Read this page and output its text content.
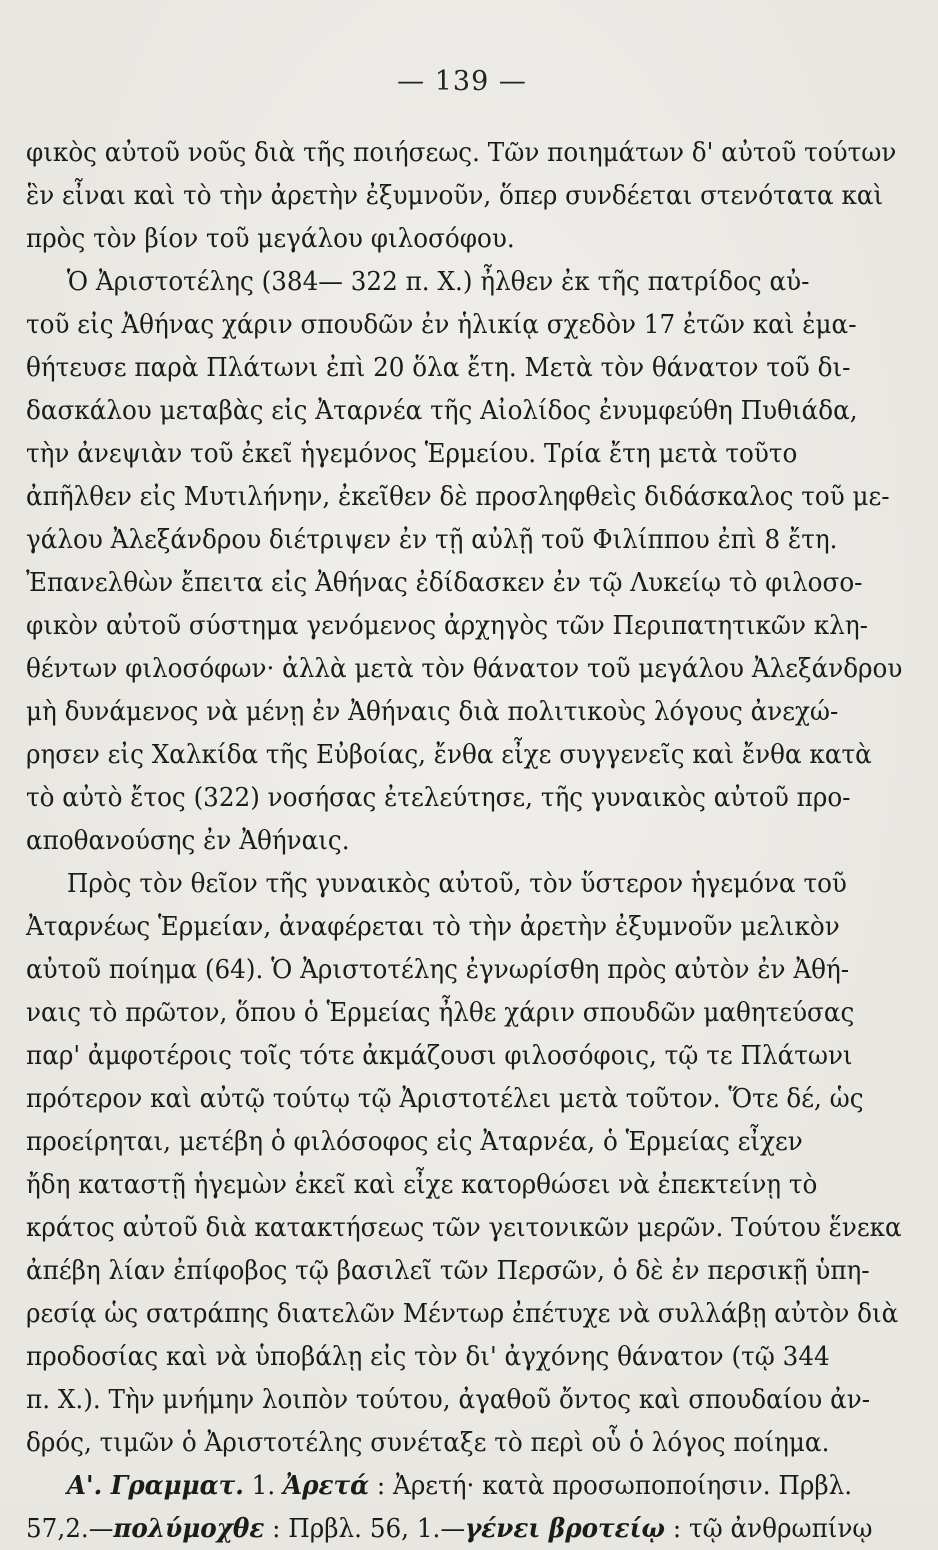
— 139 —
φικὸς αὐτοῦ νοῦς διὰ τῆς ποιήσεως. Τῶν ποιημάτων δ' αὐτοῦ τούτων
ἓν εἶναι καὶ τὸ τὴν ἀρετὴν ἐξυμνοῦν, ὅπερ συνδέεται στενότατα καὶ
πρὸς τὸν βίον τοῦ μεγάλου φιλοσόφου.
Ὁ Ἀριστοτέλης (384— 322 π. Χ.) ἦλθεν ἐκ τῆς πατρίδος αὐ-
τοῦ εἰς Ἀθήνας χάριν σπουδῶν ἐν ἡλικίᾳ σχεδὸν 17 ἐτῶν καὶ ἐμα-
θήτευσε παρὰ Πλάτωνι ἐπὶ 20 ὅλα ἔτη. Μετὰ τὸν θάνατον τοῦ δι-
δασκάλου μεταβὰς εἰς Ἀταρνέα τῆς Αἰολίδος ἐνυμφεύθη Πυθιάδα,
τὴν ἀνεψιὰν τοῦ ἐκεῖ ἡγεμόνος Ἑρμείου. Τρία ἔτη μετὰ τοῦτο
ἀπῆλθεν εἰς Μυτιλήνην, ἐκεῖθεν δὲ προσληφθεὶς διδάσκαλος τοῦ με-
γάλου Ἀλεξάνδρου διέτριψεν ἐν τῇ αὐλῇ τοῦ Φιλίππου ἐπὶ 8 ἔτη.
Ἐπανελθὼν ἔπειτα εἰς Ἀθήνας ἐδίδασκεν ἐν τῷ Λυκείῳ τὸ φιλοσο-
φικὸν αὐτοῦ σύστημα γενόμενος ἀρχηγὸς τῶν Περιπατητικῶν κλη-
θέντων φιλοσόφων· ἀλλὰ μετὰ τὸν θάνατον τοῦ μεγάλου Ἀλεξάνδρου
μὴ δυνάμενος νὰ μένῃ ἐν Ἀθήναις διὰ πολιτικοὺς λόγους ἀνεχώ-
ρησεν εἰς Χαλκίδα τῆς Εὐβοίας, ἔνθα εἶχε συγγενεῖς καὶ ἔνθα κατὰ
τὸ αὐτὸ ἔτος (322) νοσήσας ἐτελεύτησε, τῆς γυναικὸς αὐτοῦ προ-
αποθανούσης ἐν Ἀθήναις.
Πρὸς τὸν θεῖον τῆς γυναικὸς αὐτοῦ, τὸν ὕστερον ἡγεμόνα τοῦ
Ἀταρνέως Ἑρμείαν, ἀναφέρεται τὸ τὴν ἀρετὴν ἐξυμνοῦν μελικὸν
αὐτοῦ ποίημα (64). Ὁ Ἀριστοτέλης ἐγνωρίσθη πρὸς αὐτὸν ἐν Ἀθή-
ναις τὸ πρῶτον, ὅπου ὁ Ἑρμείας ἦλθε χάριν σπουδῶν μαθητεύσας
παρ' ἀμφοτέροις τοῖς τότε ἀκμάζουσι φιλοσόφοις, τῷ τε Πλάτωνι
πρότερον καὶ αὐτῷ τούτῳ τῷ Ἀριστοτέλει μετὰ τοῦτον. Ὅτε δέ, ὡς
προείρηται, μετέβη ὁ φιλόσοφος εἰς Ἀταρνέα, ὁ Ἑρμείας εἶχεν
ἤδη καταστῇ ἡγεμὼν ἐκεῖ καὶ εἶχε κατορθώσει νὰ ἐπεκτείνῃ τὸ
κράτος αὐτοῦ διὰ κατακτήσεως τῶν γειτονικῶν μερῶν. Τούτου ἕνεκα
ἀπέβη λίαν ἐπίφοβος τῷ βασιλεῖ τῶν Περσῶν, ὁ δὲ ἐν περσικῇ ὑπη-
ρεσίᾳ ὡς σατράπης διατελῶν Μέντωρ ἐπέτυχε νὰ συλλάβῃ αὐτὸν διὰ
προδοσίας καὶ νὰ ὑποβάλῃ εἰς τὸν δι' ἀγχόνης θάνατον (τῷ 344
π. Χ.). Τὴν μνήμην λοιπὸν τούτου, ἀγαθοῦ ὄντος καὶ σπουδαίου ἀν-
δρός, τιμῶν ὁ Ἀριστοτέλης συνέταξε τὸ περὶ οὗ ὁ λόγος ποίημα.
Α'. Γραμματ. 1. Ἀρετά : Ἀρετή· κατὰ προσωποποίησιν. Πρβλ.
57,2.—πολύμοχθε : Πρβλ. 56, 1.—γένει βροτείῳ : τῷ ἀνθρωπίνῳ
